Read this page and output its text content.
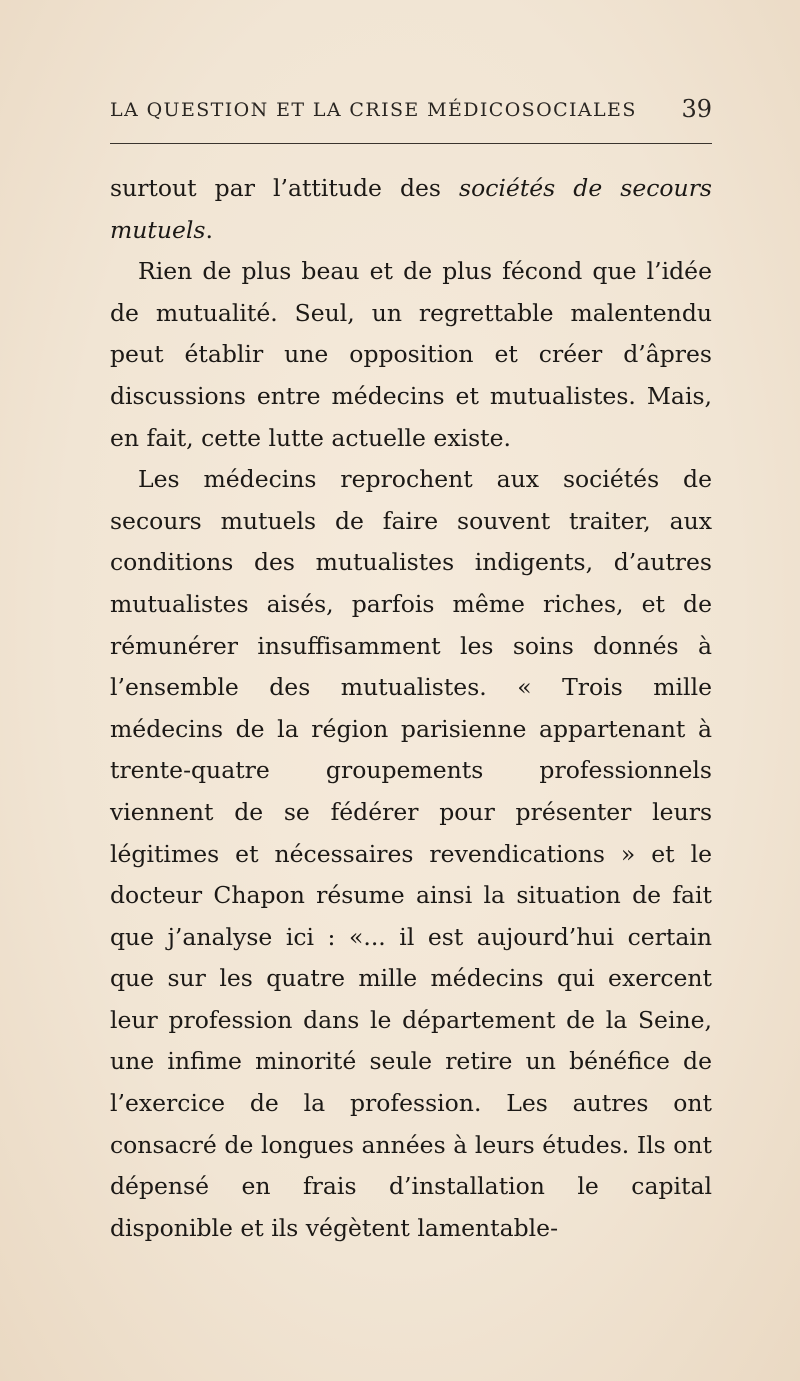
LA QUESTION ET LA CRISE MÉDICOSOCIALES 39

surtout par l’attitude des sociétés de secours mutuels.

Rien de plus beau et de plus fécond que l’idée de mutualité. Seul, un regrettable malentendu peut établir une opposition et créer d’âpres discussions entre médecins et mutualistes. Mais, en fait, cette lutte actuelle existe.

Les médecins reprochent aux sociétés de secours mutuels de faire souvent traiter, aux conditions des mutualistes indigents, d’autres mutualistes aisés, parfois même riches, et de rémunérer insuffisamment les soins donnés à l’ensemble des mutualistes. « Trois mille médecins de la région parisienne appartenant à trente-quatre groupements professionnels viennent de se fédérer pour présenter leurs légitimes et nécessaires revendications » et le docteur Chapon résume ainsi la situation de fait que j’analyse ici : «... il est aujourd’hui certain que sur les quatre mille médecins qui exercent leur profession dans le département de la Seine, une infime minorité seule retire un bénéfice de l’exercice de la profession. Les autres ont consacré de longues années à leurs études. Ils ont dépensé en frais d’installation le capital disponible et ils végètent lamentable-
